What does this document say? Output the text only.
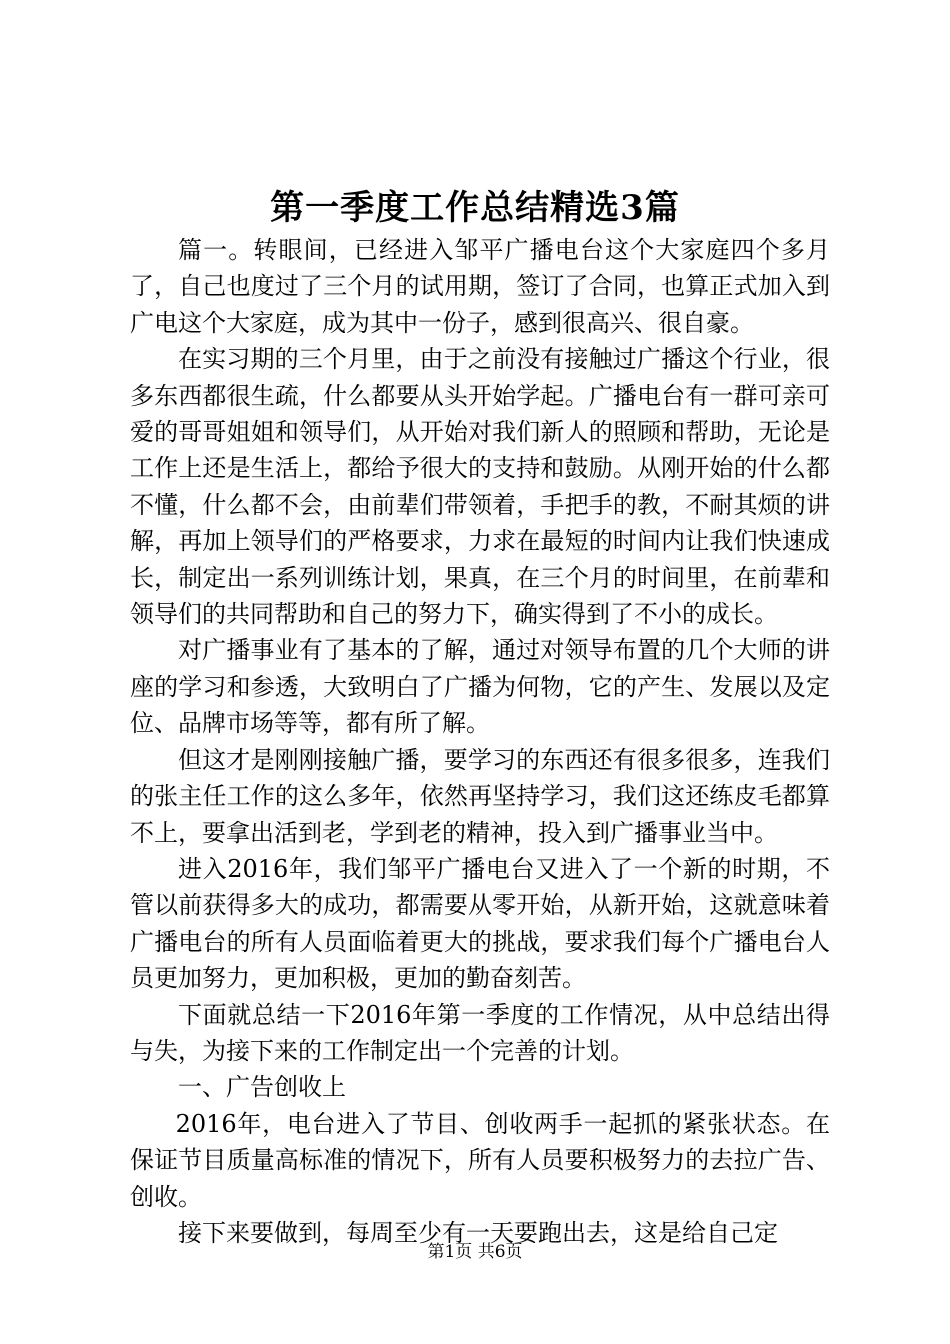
第一季度工作总结精选3篇

篇一。转眼间，已经进入邹平广播电台这个大家庭四个多月了，自己也度过了三个月的试用期，签订了合同，也算正式加入到广电这个大家庭，成为其中一份子，感到很高兴、很自豪。

在实习期的三个月里，由于之前没有接触过广播这个行业，很多东西都很生疏，什么都要从头开始学起。广播电台有一群可亲可爱的哥哥姐姐和领导们，从开始对我们新人的照顾和帮助，无论是工作上还是生活上，都给予很大的支持和鼓励。从刚开始的什么都不懂，什么都不会，由前辈们带领着，手把手的教，不耐其烦的讲解，再加上领导们的严格要求，力求在最短的时间内让我们快速成长，制定出一系列训练计划，果真，在三个月的时间里，在前辈和领导们的共同帮助和自己的努力下，确实得到了不小的成长。

对广播事业有了基本的了解，通过对领导布置的几个大师的讲座的学习和参透，大致明白了广播为何物，它的产生、发展以及定位、品牌市场等等，都有所了解。

但这才是刚刚接触广播，要学习的东西还有很多很多，连我们的张主任工作的这么多年，依然再坚持学习，我们这还练皮毛都算不上，要拿出活到老，学到老的精神，投入到广播事业当中。

进入2016年，我们邹平广播电台又进入了一个新的时期，不管以前获得多大的成功，都需要从零开始，从新开始，这就意味着广播电台的所有人员面临着更大的挑战，要求我们每个广播电台人员更加努力，更加积极，更加的勤奋刻苦。

下面就总结一下2016年第一季度的工作情况，从中总结出得与失，为接下来的工作制定出一个完善的计划。

一、广告创收上

2016年，电台进入了节目、创收两手一起抓的紧张状态。在保证节目质量高标准的情况下，所有人员要积极努力的去拉广告、创收。

接下来要做到，每周至少有一天要跑出去，这是给自己定

第1页 共6页
